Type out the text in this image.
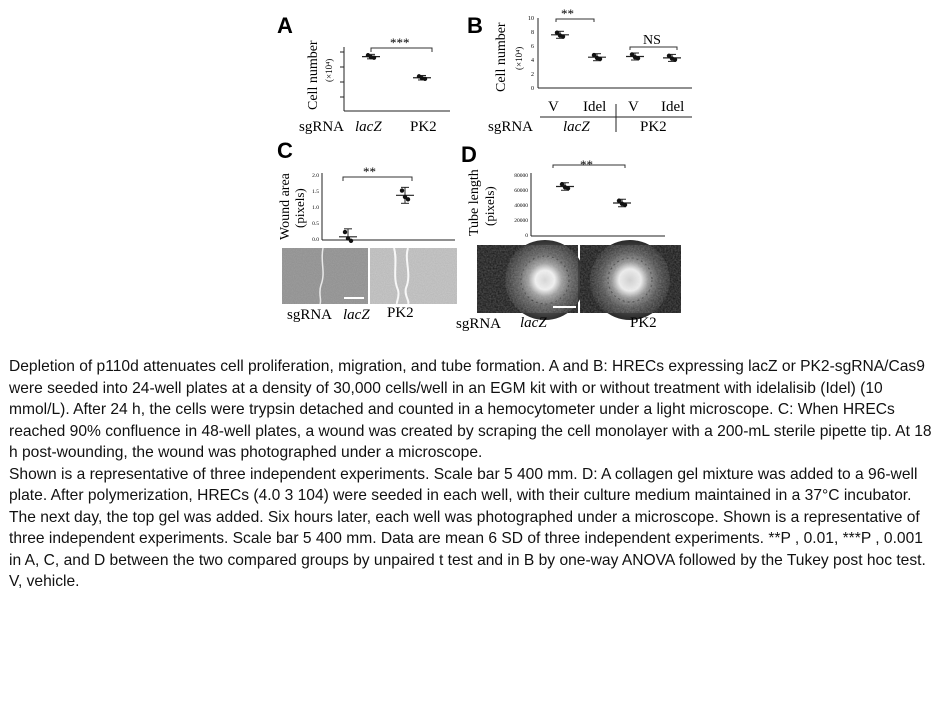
A
Cell number (×10⁴)
***
sgRNA lacZ PK2
B Cell number (×10⁴)
10
8
6
4
2
0
**
NS
V Idel V Idel
sgRNA lacZ	PK2
C
Wound area (pixels)
2.0
1.5
1.0
0.5
0.0
**
D
Tube length (pixels)
80000
60000
40000
20000
0
**
sgRNA lacZ PK2
sgRNA lacZ	PK2

Depletion of p110d attenuates cell proliferation, migration, and tube formation. A and B: HRECs expressing lacZ or PK2-sgRNA/Cas9 were seeded into 24-well plates at a density of 30,000 cells/well in an EGM kit with or without treatment with idelalisib (Idel) (10 mmol/L). After 24 h, the cells were trypsin detached and counted in a hemocytometer under a light microscope. C: When HRECs reached 90% confluence in 48-well plates, a wound was created by scraping the cell monolayer with a 200-mL sterile pipette tip. At 18 h post-wounding, the wound was photographed under a microscope.

Shown is a representative of three independent experiments. Scale bar 5 400 mm. D: A collagen gel mixture was added to a 96-well plate. After polymerization, HRECs (4.0 3 104) were seeded in each well, with their culture medium maintained in a 37°C incubator. The next day, the top gel was added. Six hours later, each well was photographed under a microscope. Shown is a representative of three independent experiments. Scale bar 5 400 mm. Data are mean 6 SD of three independent experiments. **P , 0.01, ***P , 0.001 in A, C, and D between the two compared groups by unpaired t test and in B by one-way ANOVA followed by the Tukey post hoc test. V, vehicle.
